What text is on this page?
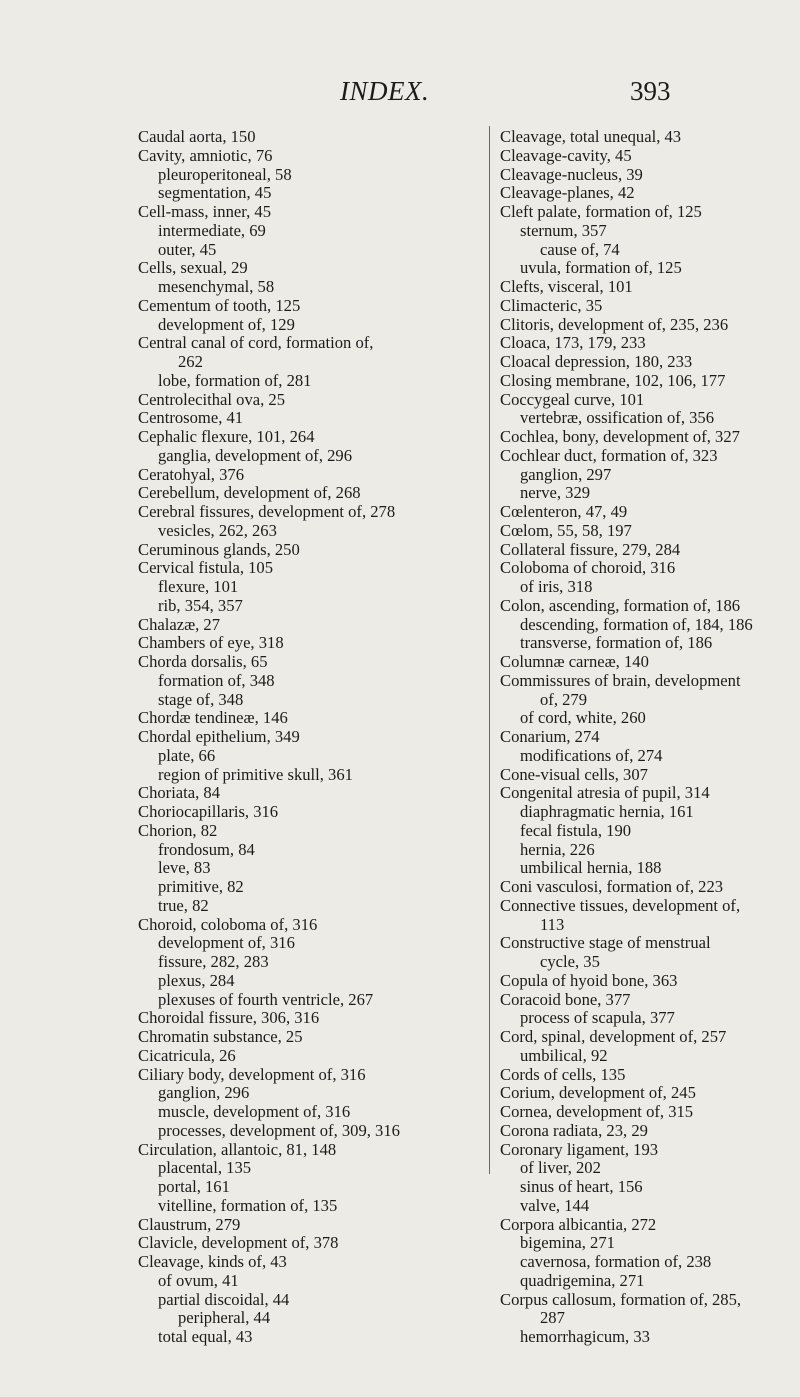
INDEX.	393
Caudal aorta, 150
Cavity, amniotic, 76
pleuroperitoneal, 58
segmentation, 45
Cell-mass, inner, 45
intermediate, 69
outer, 45
Cells, sexual, 29
mesenchymal, 58
Cementum of tooth, 125
development of, 129
Central canal of cord, formation of,
262
lobe, formation of, 281
Centrolecithal ova, 25
Centrosome, 41
Cephalic flexure, 101, 264
ganglia, development of, 296
Ceratohyal, 376
Cerebellum, development of, 268
Cerebral fissures, development of, 278
vesicles, 262, 263
Ceruminous glands, 250
Cervical fistula, 105
flexure, 101
rib, 354, 357
Chalazæ, 27
Chambers of eye, 318
Chorda dorsalis, 65
formation of, 348
stage of, 348
Chordæ tendineæ, 146
Chordal epithelium, 349
plate, 66
region of primitive skull, 361
Choriata, 84
Choriocapillaris, 316
Chorion, 82
frondosum, 84
leve, 83
primitive, 82
true, 82
Choroid, coloboma of, 316
development of, 316
fissure, 282, 283
plexus, 284
plexuses of fourth ventricle, 267
Choroidal fissure, 306, 316
Chromatin substance, 25
Cicatricula, 26
Ciliary body, development of, 316
ganglion, 296
muscle, development of, 316
processes, development of, 309, 316
Circulation, allantoic, 81, 148
placental, 135
portal, 161
vitelline, formation of, 135
Claustrum, 279
Clavicle, development of, 378
Cleavage, kinds of, 43
of ovum, 41
partial discoidal, 44
peripheral, 44
total equal, 43
Cleavage, total unequal, 43
Cleavage-cavity, 45
Cleavage-nucleus, 39
Cleavage-planes, 42
Cleft palate, formation of, 125
sternum, 357
cause of, 74
uvula, formation of, 125
Clefts, visceral, 101
Climacteric, 35
Clitoris, development of, 235, 236
Cloaca, 173, 179, 233
Cloacal depression, 180, 233
Closing membrane, 102, 106, 177
Coccygeal curve, 101
vertebræ, ossification of, 356
Cochlea, bony, development of, 327
Cochlear duct, formation of, 323
ganglion, 297
nerve, 329
Cœlenteron, 47, 49
Cœlom, 55, 58, 197
Collateral fissure, 279, 284
Coloboma of choroid, 316
of iris, 318
Colon, ascending, formation of, 186
descending, formation of, 184, 186
transverse, formation of, 186
Columnæ carneæ, 140
Commissures of brain, development
of, 279
of cord, white, 260
Conarium, 274
modifications of, 274
Cone-visual cells, 307
Congenital atresia of pupil, 314
diaphragmatic hernia, 161
fecal fistula, 190
hernia, 226
umbilical hernia, 188
Coni vasculosi, formation of, 223
Connective tissues, development of,
113
Constructive stage of menstrual
cycle, 35
Copula of hyoid bone, 363
Coracoid bone, 377
process of scapula, 377
Cord, spinal, development of, 257
umbilical, 92
Cords of cells, 135
Corium, development of, 245
Cornea, development of, 315
Corona radiata, 23, 29
Coronary ligament, 193
of liver, 202
sinus of heart, 156
valve, 144
Corpora albicantia, 272
bigemina, 271
cavernosa, formation of, 238
quadrigemina, 271
Corpus callosum, formation of, 285,
287
hemorrhagicum, 33
